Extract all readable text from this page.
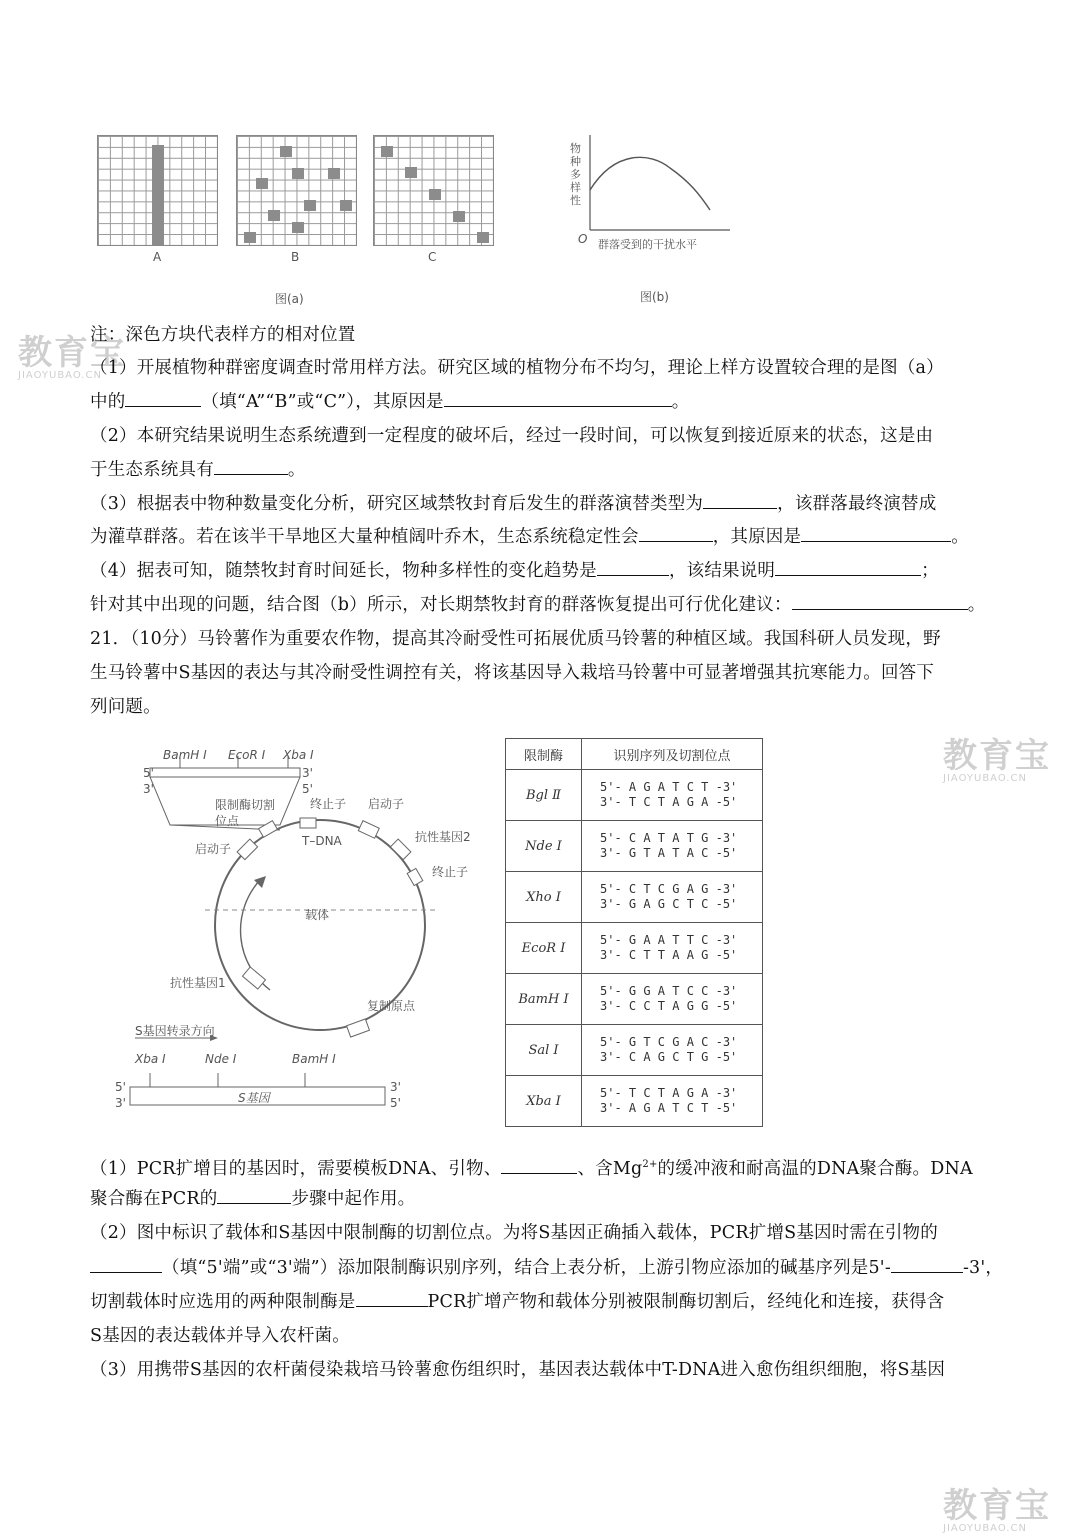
A	B	C
图(a)
物种多样性
O 群落受到的干扰水平
图(b)
教育宝
JIAOYUBAO.CN
教育宝
JIAOYUBAO.CN
教育宝
JIAOYUBAO.CN
注：深色方块代表样方的相对位置
（1）开展植物种群密度调查时常用样方法。研究区域的植物分布不均匀，理论上样方设置较合理的是图（a）
中的	（填“A”“B”或“C”），其原因是	。
（2）本研究结果说明生态系统遭到一定程度的破坏后，经过一段时间，可以恢复到接近原来的状态，这是由
于生态系统具有	。
（3）根据表中物种数量变化分析，研究区域禁牧封育后发生的群落演替类型为	，该群落最终演替成
为灌草群落。若在该半干旱地区大量种植阔叶乔木，生态系统稳定性会	，其原因是	。
（4）据表可知，随禁牧封育时间延长，物种多样性的变化趋势是	，该结果说明	；
针对其中出现的问题，结合图（b）所示，对长期禁牧封育的群落恢复提出可行优化建议：	。
21．（10分）马铃薯作为重要农作物，提高其冷耐受性可拓展优质马铃薯的种植区域。我国科研人员发现，野
生马铃薯中S基因的表达与其冷耐受性调控有关，将该基因导入栽培马铃薯中可显著增强其抗寒能力。回答下
列问题。
BamH Ⅰ EcoR Ⅰ Xba Ⅰ
5'
3'
3'
5'
限制酶切割位点
终止子 启动子
T–DNA	抗性基因2
启动子
终止子
载体
抗性基因1
复制原点
S基因转录方向
Xba Ⅰ	Nde Ⅰ	BamH Ⅰ
5'
3'	S基因
3'
5'
限制酶	识别序列及切割位点
Bgl Ⅱ	5'- A G A T C T -3'
3'- T C T A G A -5'
Nde Ⅰ	5'- C A T A T G -3'
3'- G T A T A C -5'
Xho Ⅰ	5'- C T C G A G -3'
3'- G A G C T C -5'
EcoR Ⅰ	5'- G A A T T C -3'
3'- C T T A A G -5'
BamH Ⅰ	5'- G G A T C C -3'
3'- C C T A G G -5'
Sal Ⅰ	5'- G T C G A C -3'
3'- C A G C T G -5'
Xba Ⅰ	5'- T C T A G A -3'
3'- A G A T C T -5'
（1）PCR扩增目的基因时，需要模板DNA、引物、	、含$Mg^{2+}$的缓冲液和耐高温的DNA聚合酶。DNA
聚合酶在PCR的	步骤中起作用。
（2）图中标识了载体和S基因中限制酶的切割位点。为将S基因正确插入载体，PCR扩增S基因时需在引物的
（填“5'端”或“3'端”）添加限制酶识别序列，结合上表分析，上游引物应添加的碱基序列是5'-	-3'，
切割载体时应选用的两种限制酶是	PCR扩增产物和载体分别被限制酶切割后，经纯化和连接，获得含
S基因的表达载体并导入农杆菌。
（3）用携带S基因的农杆菌侵染栽培马铃薯愈伤组织时，基因表达载体中T-DNA进入愈伤组织细胞，将S基因
